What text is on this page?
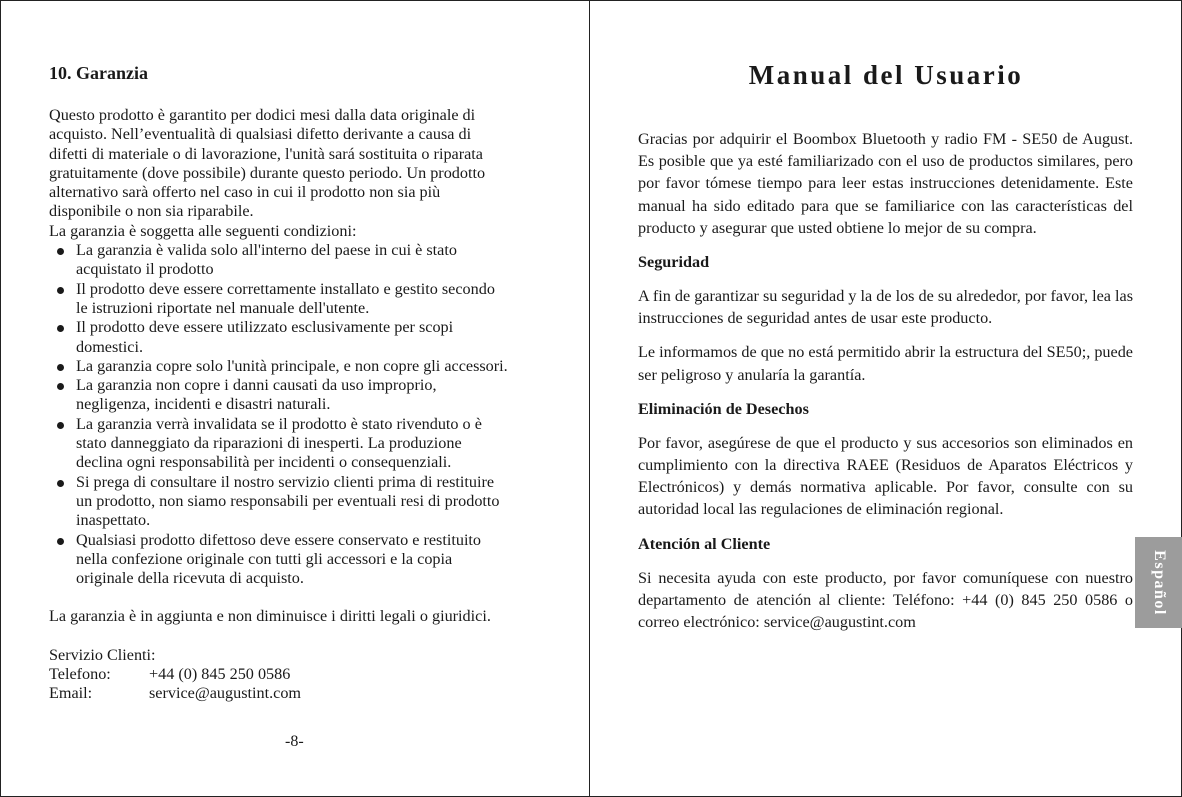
10. Garanzia

Questo prodotto è garantito per dodici mesi dalla data originale di
acquisto. Nell’eventualità di qualsiasi difetto derivante a causa di
difetti di materiale o di lavorazione, l'unità sará sostituita o riparata
gratuitamente (dove possibile) durante questo periodo. Un prodotto
alternativo sarà offerto nel caso in cui il prodotto non sia più
disponibile o non sia riparabile.
La garanzia è soggetta alle seguenti condizioni:

La garanzia è valida solo all'interno del paese in cui è stato
acquistato il prodotto
Il prodotto deve essere correttamente installato e gestito secondo
le istruzioni riportate nel manuale dell'utente.
Il prodotto deve essere utilizzato esclusivamente per scopi
domestici.
La garanzia copre solo l'unità principale, e non copre gli accessori.
La garanzia non copre i danni causati da uso improprio,
negligenza, incidenti e disastri naturali.
La garanzia verrà invalidata se il prodotto è stato rivenduto o è
stato danneggiato da riparazioni di inesperti. La produzione
declina ogni responsabilità per incidenti o consequenziali.
Si prega di consultare il nostro servizio clienti prima di restituire
un prodotto, non siamo responsabili per eventuali resi di prodotto
inaspettato.
Qualsiasi prodotto difettoso deve essere conservato e restituito
nella confezione originale con tutti gli accessori e la copia
originale della ricevuta di acquisto.

La garanzia è in aggiunta e non diminuisce i diritti legali o giuridici.

Servizio Clienti:

Telefono:	+44 (0) 845 250 0586
Email:	service@augustint.com
-8-
Manual del Usuario

Gracias por adquirir el Boombox Bluetooth y radio FM - SE50 de August. Es posible que ya esté familiarizado con el uso de productos similares, pero por favor tómese tiempo para leer estas instrucciones detenidamente. Este manual ha sido editado para que se familiarice con las características del producto y asegurar que usted obtiene lo mejor de su compra.

Seguridad

A fin de garantizar su seguridad y la de los de su alrededor, por favor, lea las instrucciones de seguridad antes de usar este producto.

Le informamos de que no está permitido abrir la estructura del SE50;, puede ser peligroso y anularía la garantía.

Eliminación de Desechos

Por favor, asegúrese de que el producto y sus accesorios son eliminados en cumplimiento con la directiva RAEE (Residuos de Aparatos Eléctricos y Electrónicos) y demás normativa aplicable. Por favor, consulte con su autoridad local las regulaciones de eliminación regional.

Atención al Cliente

Si necesita ayuda con este producto, por favor comuníquese con nuestro departamento de atención al cliente: Teléfono: +44 (0) 845 250 0586 o correo electrónico: service@augustint.com

Español
